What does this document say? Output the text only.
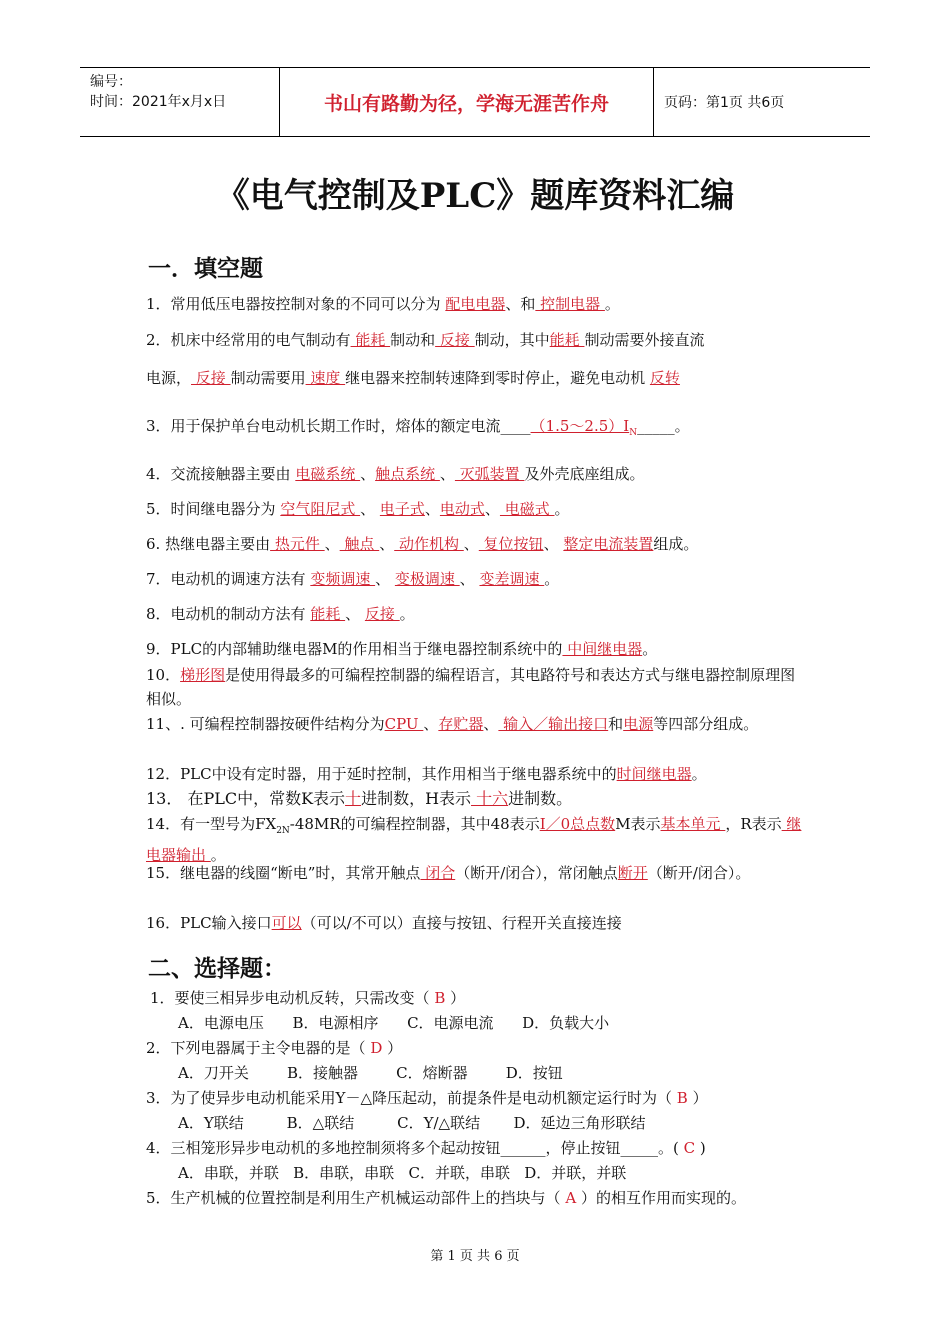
编号：
时间：2021年x月x日	书山有路勤为径，学海无涯苦作舟	页码：第1页 共6页
《电气控制及PLC》题库资料汇编
一．填空题
1．常用低压电器按控制对象的不同可以分为 配电电器、和 控制电器 。
2．机床中经常用的电气制动有 能耗 制动和 反接 制动，其中能耗 制动需要外接直流
电源， 反接 制动需要用 速度 继电器来控制转速降到零时停止，避免电动机 反转
3．用于保护单台电动机长期工作时，熔体的额定电流$\_\_\_\_(1.5\sim 2.5)I_N\_\_\_\_\_$。
4．交流接触器主要由 电磁系统 、触点系统 、 灭弧装置 及外壳底座组成。
5．时间继电器分为 空气阻尼式 、 电子式、电动式、 电磁式 。
6. 热继电器主要由 热元件 、 触点 、 动作机构 、 复位按钮、 整定电流装置组成。
7．电动机的调速方法有 变频调速 、 变极调速 、 变差调速 。
8．电动机的制动方法有 能耗 、 反接 。
9．PLC的内部辅助继电器M的作用相当于继电器控制系统中的 中间继电器。
10．梯形图是使用得最多的可编程控制器的编程语言，其电路符号和表达方式与继电器控制原理图相似。
11、. 可编程控制器按硬件结构分为CPU 、存贮器、 输入／输出接口和电源等四部分组成。
12．PLC中设有定时器，用于延时控制，其作用相当于继电器系统中的时间继电器。
13． 在PLC中，常数K表示十进制数，H表示 十六进制数。
14．有一型号为$FX_{2N}-48MR$的可编程控制器，其中48表示I／0总点数M表示基本单元 ，R表示 继电器输出 。
15．继电器的线圈“断电”时，其常开触点 闭合（断开/闭合），常闭触点断开（断开/闭合）。
16．PLC输入接口可以（可以/不可以）直接与按钮、行程开关直接连接
二、选择题：
1．要使三相异步电动机反转，只需改变（ B ）
A．电源电压      B．电源相序      C．电源电流      D．负载大小
2．下列电器属于主令电器的是（ D ）
A．刀开关        B．接触器        C．熔断器        D．按钮
3．为了使异步电动机能采用Y－△降压起动，前提条件是电动机额定运行时为（ B ）
A．Y联结         B．△联结         C．Y/△联结       D．延边三角形联结
4．三相笼形异步电动机的多地控制须将多个起动按钮______，停止按钮_____。( C )
A．串联，并联   B．串联，串联   C．并联，串联   D．并联，并联
5．生产机械的位置控制是利用生产机械运动部件上的挡块与（ A ）的相互作用而实现的。
第 1 页 共 6 页
